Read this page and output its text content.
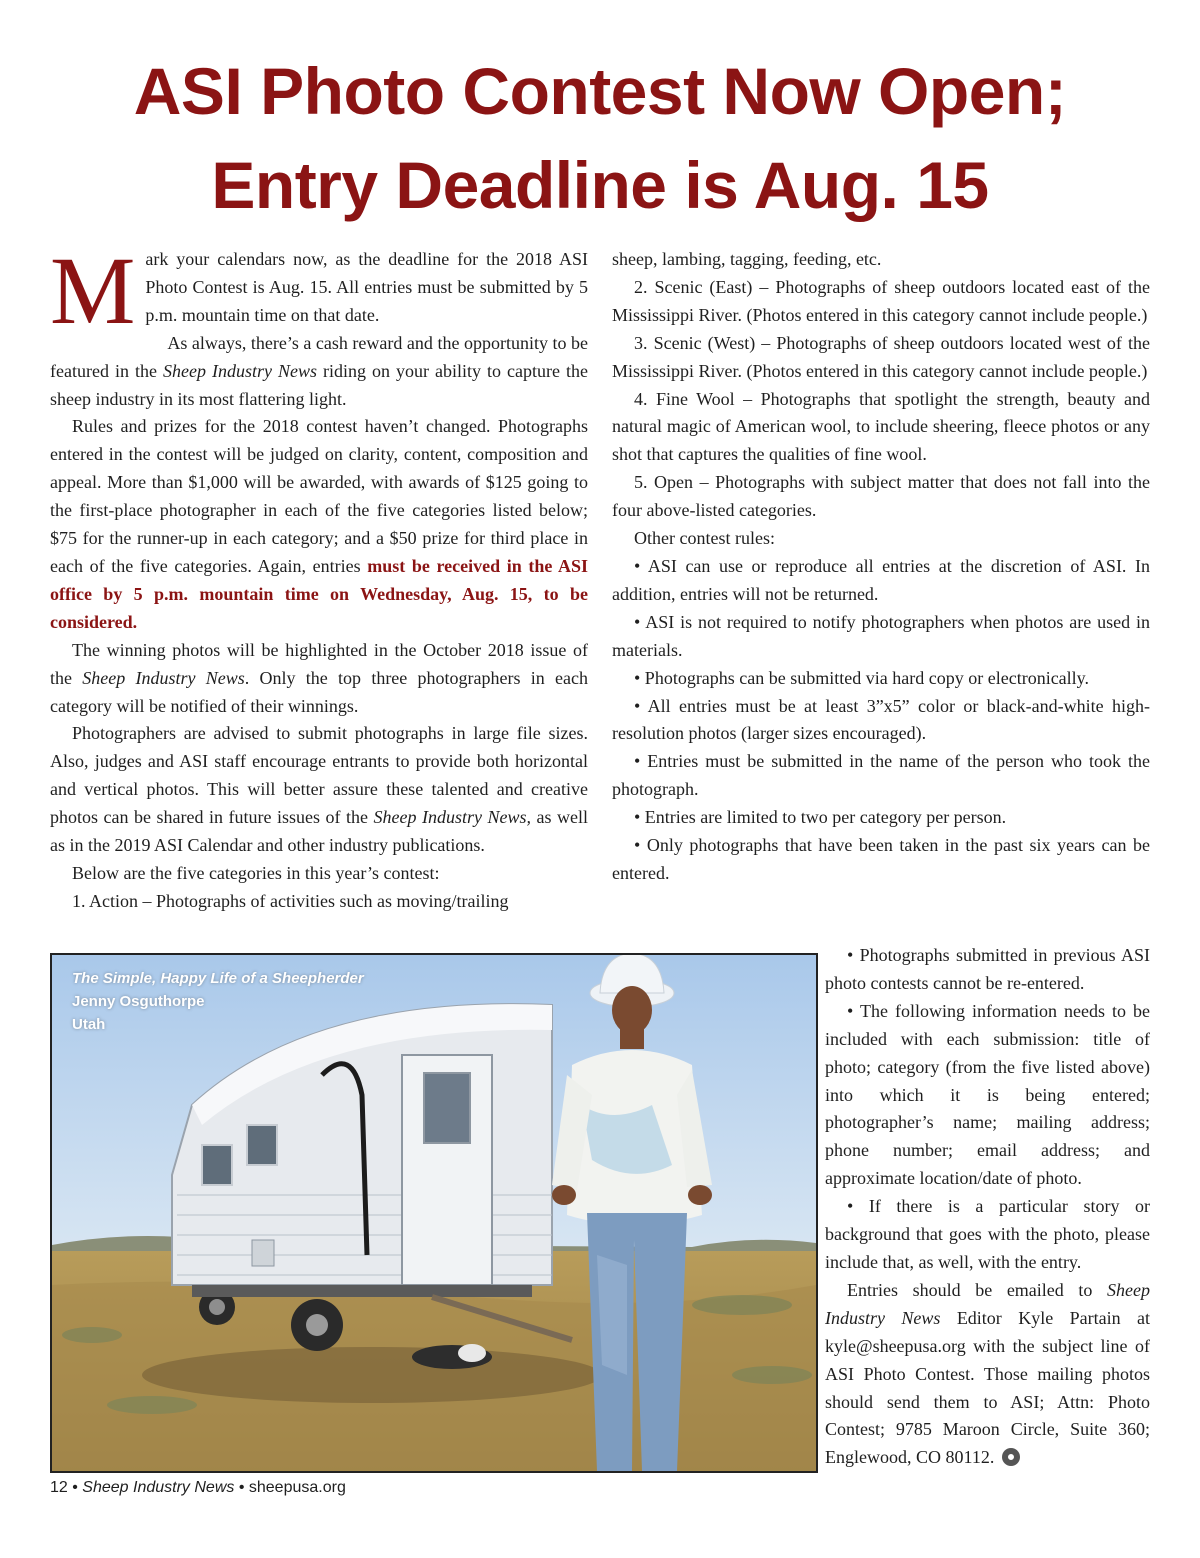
ASI Photo Contest Now Open;
Entry Deadline is Aug. 15

Mark your calendars now, as the deadline for the 2018 ASI Photo Contest is Aug. 15. All entries must be submitted by 5 p.m. mountain time on that date.

As always, there’s a cash reward and the opportunity to be featured in the Sheep Industry News riding on your ability to capture the sheep industry in its most flattering light.

Rules and prizes for the 2018 contest haven’t changed. Photographs entered in the contest will be judged on clarity, content, composition and appeal. More than $1,000 will be awarded, with awards of $125 going to the first-place photographer in each of the five categories listed below; $75 for the runner-up in each category; and a $50 prize for third place in each of the five categories. Again, entries must be received in the ASI office by 5 p.m. mountain time on Wednesday, Aug. 15, to be considered.

The winning photos will be highlighted in the October 2018 issue of the Sheep Industry News. Only the top three photographers in each category will be notified of their winnings.

Photographers are advised to submit photographs in large file sizes. Also, judges and ASI staff encourage entrants to provide both horizontal and vertical photos. This will better assure these talented and creative photos can be shared in future issues of the Sheep Industry News, as well as in the 2019 ASI Calendar and other industry publications.

Below are the five categories in this year’s contest:

1. Action – Photographs of activities such as moving/trailing

sheep, lambing, tagging, feeding, etc.

2. Scenic (East) – Photographs of sheep outdoors located east of the Mississippi River. (Photos entered in this category cannot include people.)

3. Scenic (West) – Photographs of sheep outdoors located west of the Mississippi River. (Photos entered in this category cannot include people.)

4. Fine Wool – Photographs that spotlight the strength, beauty and natural magic of American wool, to include sheering, fleece photos or any shot that captures the qualities of fine wool.

5. Open – Photographs with subject matter that does not fall into the four above-listed categories.

Other contest rules:

• ASI can use or reproduce all entries at the discretion of ASI. In addition, entries will not be returned.

• ASI is not required to notify photographers when photos are used in materials.

• Photographs can be submitted via hard copy or electronically.

• All entries must be at least 3”x5” color or black-and-white high-resolution photos (larger sizes encouraged).

• Entries must be submitted in the name of the person who took the photograph.

• Entries are limited to two per category per person.

• Only photographs that have been taken in the past six years can be entered.

• Photographs submitted in previous ASI photo contests cannot be re-entered.

• The following information needs to be included with each submission: title of photo; category (from the five listed above) into which it is being entered; photographer’s name; mailing address; phone number; email address; and approximate location/date of photo.

• If there is a particular story or background that goes with the photo, please include that, as well, with the entry.

Entries should be emailed to Sheep Industry News Editor Kyle Partain at kyle@sheepusa.org with the subject line of ASI Photo Contest. Those mailing photos should send them to ASI; Attn: Photo Contest; 9785 Maroon Circle, Suite 360; Englewood, CO 80112.

The Simple, Happy Life of a Sheepherder
Jenny Osguthorpe
Utah
12 • Sheep Industry News • sheepusa.org
